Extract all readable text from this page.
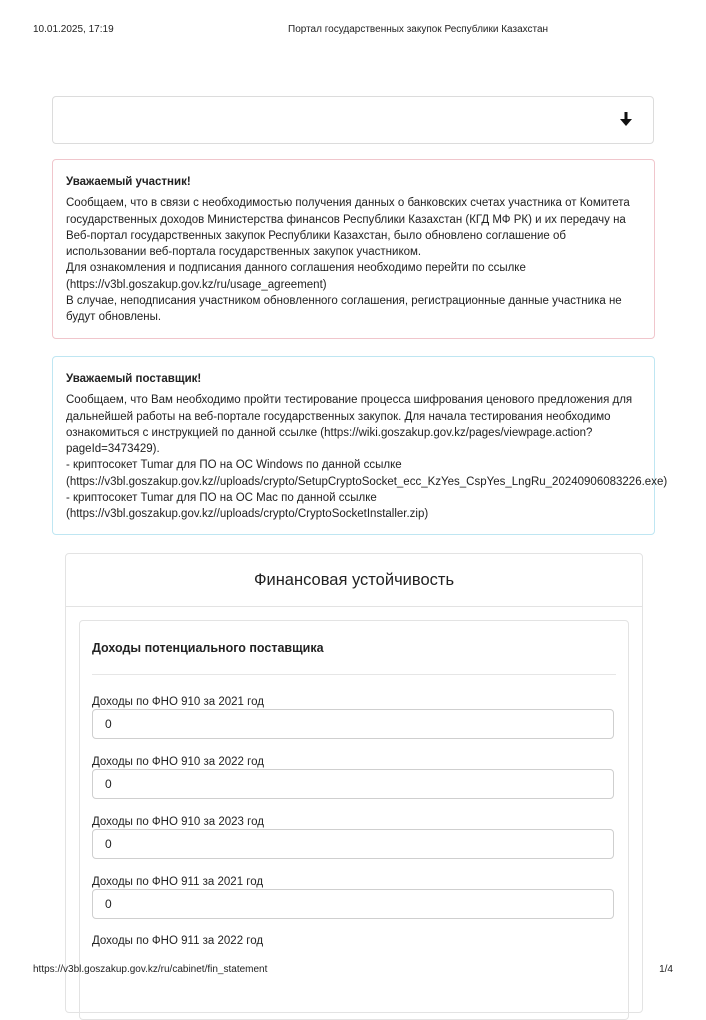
10.01.2025, 17:19	Портал государственных закупок Республики Казахстан
Уважаемый участник!
Сообщаем, что в связи с необходимостью получения данных о банковских счетах участника от Комитета
государственных доходов Министерства финансов Республики Казахстан (КГД МФ РК) и их передачу на
Веб-портал государственных закупок Республики Казахстан, было обновлено соглашение об
использовании веб-портала государственных закупок участником.
Для ознакомления и подписания данного соглашения необходимо перейти по ссылке
(https://v3bl.goszakup.gov.kz/ru/usage_agreement)
В случае, неподписания участником обновленного соглашения, регистрационные данные участника не
будут обновлены.
Уважаемый поставщик!
Сообщаем, что Вам необходимо пройти тестирование процесса шифрования ценового предложения для
дальнейшей работы на веб-портале государственных закупок. Для начала тестирования необходимо
ознакомиться с инструкцией по данной ссылке (https://wiki.goszakup.gov.kz/pages/viewpage.action?
pageId=3473429).
- криптосокет Tumar для ПО на ОС Windows по данной ссылке
(https://v3bl.goszakup.gov.kz//uploads/crypto/SetupCryptoSocket_ecc_KzYes_CspYes_LngRu_20240906083226.exe)
- криптосокет Tumar для ПО на ОС Mac по данной ссылке
(https://v3bl.goszakup.gov.kz//uploads/crypto/CryptoSocketInstaller.zip)
Финансовая устойчивость
Доходы потенциального поставщика
Доходы по ФНО 910 за 2021 год
0
Доходы по ФНО 910 за 2022 год
0
Доходы по ФНО 910 за 2023 год
0
Доходы по ФНО 911 за 2021 год
0
Доходы по ФНО 911 за 2022 год
https://v3bl.goszakup.gov.kz/ru/cabinet/fin_statement	1/4
